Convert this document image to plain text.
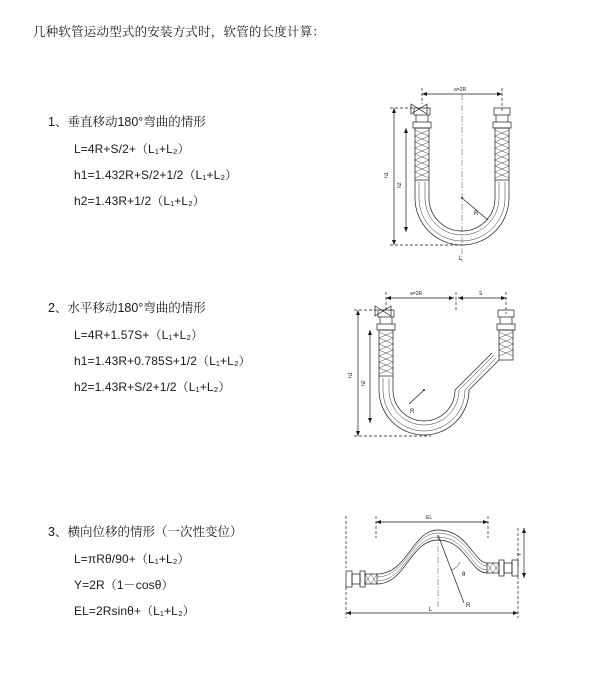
几种软管运动型式的安装方式时，软管的长度计算：
1、垂直移动180°弯曲的情形
L=4R+S/2+（L₁+L₂）
h1=1.432R+S/2+1/2（L₁+L₂）
h2=1.43R+1/2（L₁+L₂）
a=2R
h1
h2
R
L
2、水平移动180°弯曲的情形
L=4R+1.57S+（L₁+L₂）
h1=1.43R+0.785S+1/2（L₁+L₂）
h2=1.43R+S/2+1/2（L₁+L₂）
a=2R	S
h1
h2
R
3、横向位移的情形（一次性变位）
L=πRθ/90+（L₁+L₂）
Y=2R（1－cosθ）
EL=2Rsinθ+（L₁+L₂）
EL
Y
L
θ
R
